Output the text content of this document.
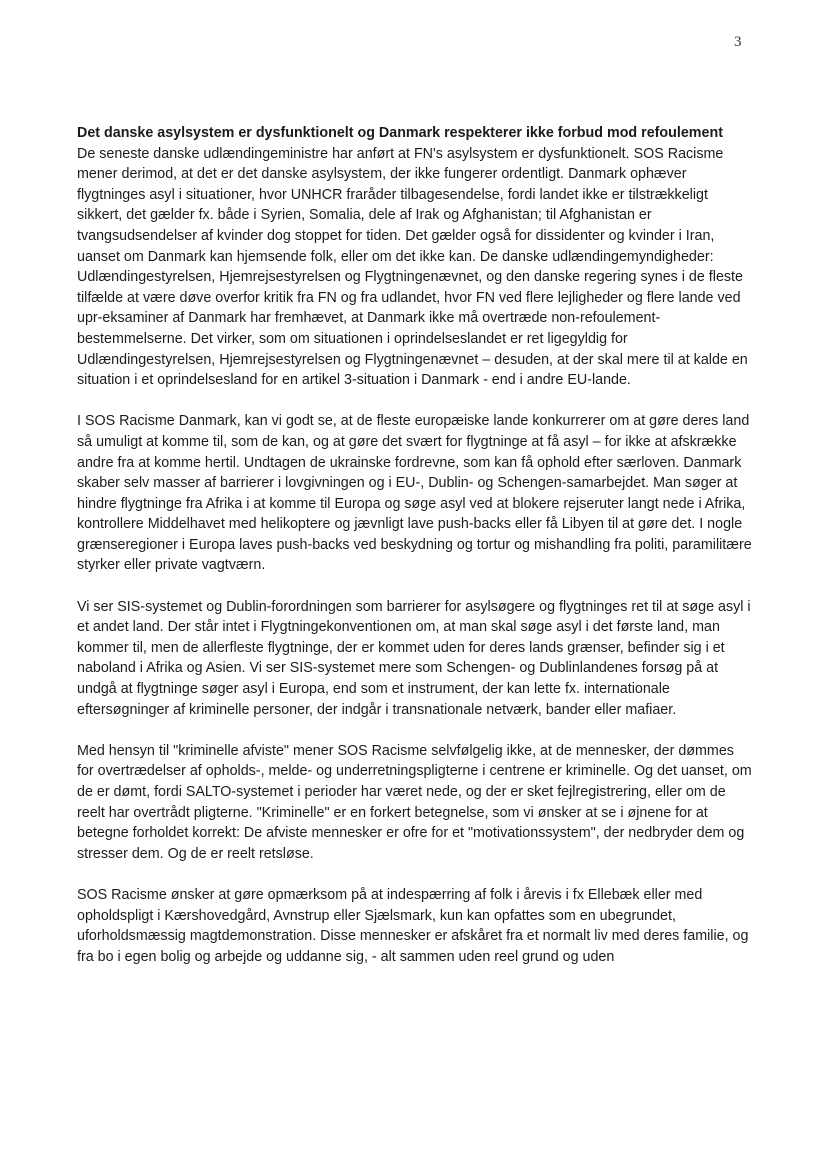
3

Det danske asylsystem er dysfunktionelt og Danmark respekterer ikke forbud mod refoulement

De seneste danske udlændingeministre har anført at FN's asylsystem er dysfunktionelt. SOS Racisme mener derimod, at det er det danske asylsystem, der ikke fungerer ordentligt. Danmark ophæver flygtninges asyl i situationer, hvor UNHCR fraråder tilbagesendelse, fordi landet ikke er tilstrækkeligt sikkert, det gælder fx. både i Syrien, Somalia, dele af Irak og Afghanistan; til Afghanistan er tvangsudsendelser af kvinder dog stoppet for tiden. Det gælder også for dissidenter og kvinder i Iran, uanset om Danmark kan hjemsende folk, eller om det ikke kan. De danske udlændingemyndigheder: Udlændingestyrelsen, Hjemrejsestyrelsen og Flygtningenævnet, og den danske regering synes i de fleste tilfælde at være døve overfor kritik fra FN og fra udlandet, hvor FN ved flere lejligheder og flere lande ved upr-eksaminer af Danmark har fremhævet, at Danmark ikke må overtræde non-refoulement-bestemmelserne. Det virker, som om situationen i oprindelseslandet er ret ligegyldig for Udlændingestyrelsen, Hjemrejsestyrelsen og Flygtningenævnet – desuden, at der skal mere til at kalde en situation i et oprindelsesland for en artikel 3-situation i Danmark - end i andre EU-lande.

I SOS Racisme Danmark, kan vi godt se, at de fleste europæiske lande konkurrerer om at gøre deres land så umuligt at komme til, som de kan, og at gøre det svært for flygtninge at få asyl – for ikke at afskrække andre fra at komme hertil. Undtagen de ukrainske fordrevne, som kan få ophold efter særloven. Danmark skaber selv masser af barrierer i lovgivningen og i EU-, Dublin- og Schengen-samarbejdet. Man søger at hindre flygtninge fra Afrika i at komme til Europa og søge asyl ved at blokere rejseruter langt nede i Afrika, kontrollere Middelhavet med helikoptere og jævnligt lave push-backs eller få Libyen til at gøre det. I nogle grænseregioner i Europa laves push-backs ved beskydning og tortur og mishandling fra politi, paramilitære styrker eller private vagtværn.

Vi ser SIS-systemet og Dublin-forordningen som barrierer for asylsøgere og flygtninges ret til at søge asyl i et andet land. Der står intet i Flygtningekonventionen om, at man skal søge asyl i det første land, man kommer til, men de allerfleste flygtninge, der er kommet uden for deres lands grænser, befinder sig i et naboland i Afrika og Asien. Vi ser SIS-systemet mere som Schengen- og Dublinlandenes forsøg på at undgå at flygtninge søger asyl i Europa, end som et instrument, der kan lette fx. internationale eftersøgninger af kriminelle personer, der indgår i transnationale netværk, bander eller mafiaer.

Med hensyn til "kriminelle afviste" mener SOS Racisme selvfølgelig ikke, at de mennesker, der dømmes for overtrædelser af opholds-, melde- og underretningspligterne i centrene er kriminelle. Og det uanset, om de er dømt, fordi SALTO-systemet i perioder har været nede, og der er sket fejlregistrering, eller om de reelt har overtrådt pligterne. "Kriminelle" er en forkert betegnelse, som vi ønsker at se i øjnene for at betegne forholdet korrekt: De afviste mennesker er ofre for et "motivationssystem", der nedbryder dem og stresser dem. Og de er reelt retsløse.

SOS Racisme ønsker at gøre opmærksom på at indespærring af folk i årevis i fx Ellebæk eller med opholdspligt i Kærshovedgård, Avnstrup eller Sjælsmark, kun kan opfattes som en ubegrundet, uforholdsmæssig magtdemonstration. Disse mennesker er afskåret fra et normalt liv med deres familie, og fra bo i egen bolig og arbejde og uddanne sig, - alt sammen uden reel grund og uden
